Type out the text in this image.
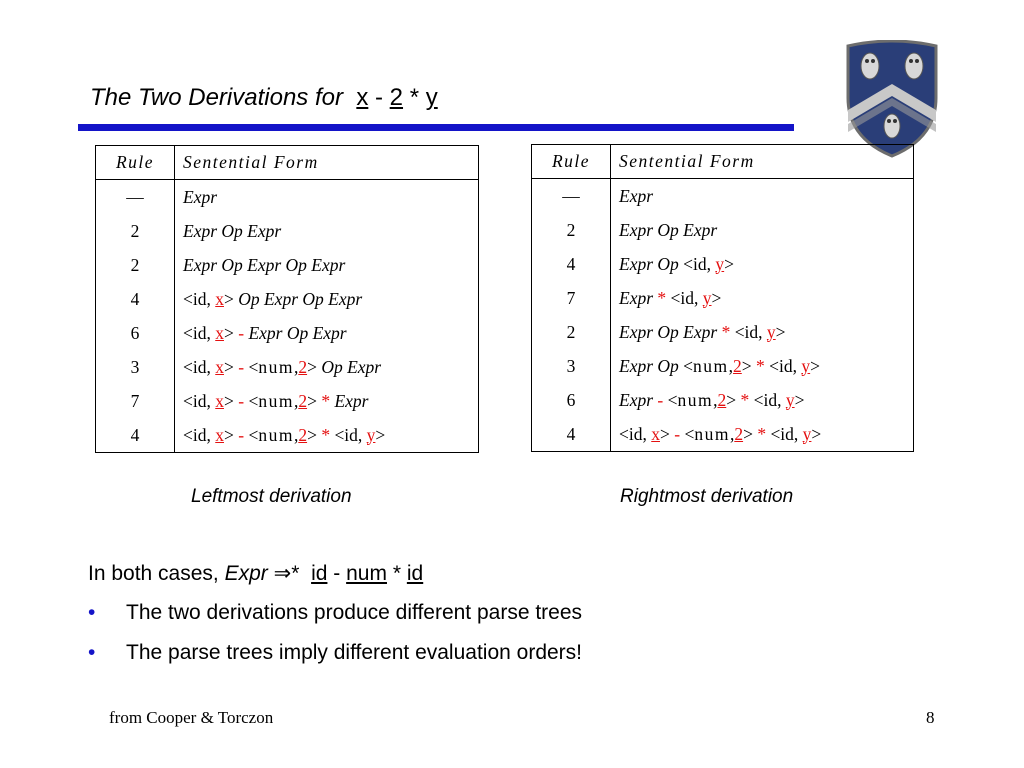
The Two Derivations for x - 2 * y
Rule	Sentential Form
—	Expr
2	Expr Op Expr
2	Expr Op Expr Op Expr
4	<id, x> Op Expr Op Expr
6	<id, x> - Expr Op Expr
3	<id, x> - <num,2> Op Expr
7	<id, x> - <num,2> * Expr
4	<id, x> - <num,2> * <id, y>
Rule	Sentential Form
—	Expr
2	Expr Op Expr
4	Expr Op <id, y>
7	Expr * <id, y>
2	Expr Op Expr * <id, y>
3	Expr Op <num,2> * <id, y>
6	Expr - <num,2> * <id, y>
4	<id, x> - <num,2> * <id, y>
Leftmost derivation	Rightmost derivation
In both cases, Expr ⇒* id - num * id
• The two derivations produce different parse trees
• The parse trees imply different evaluation orders!
from Cooper & Torczon	8
